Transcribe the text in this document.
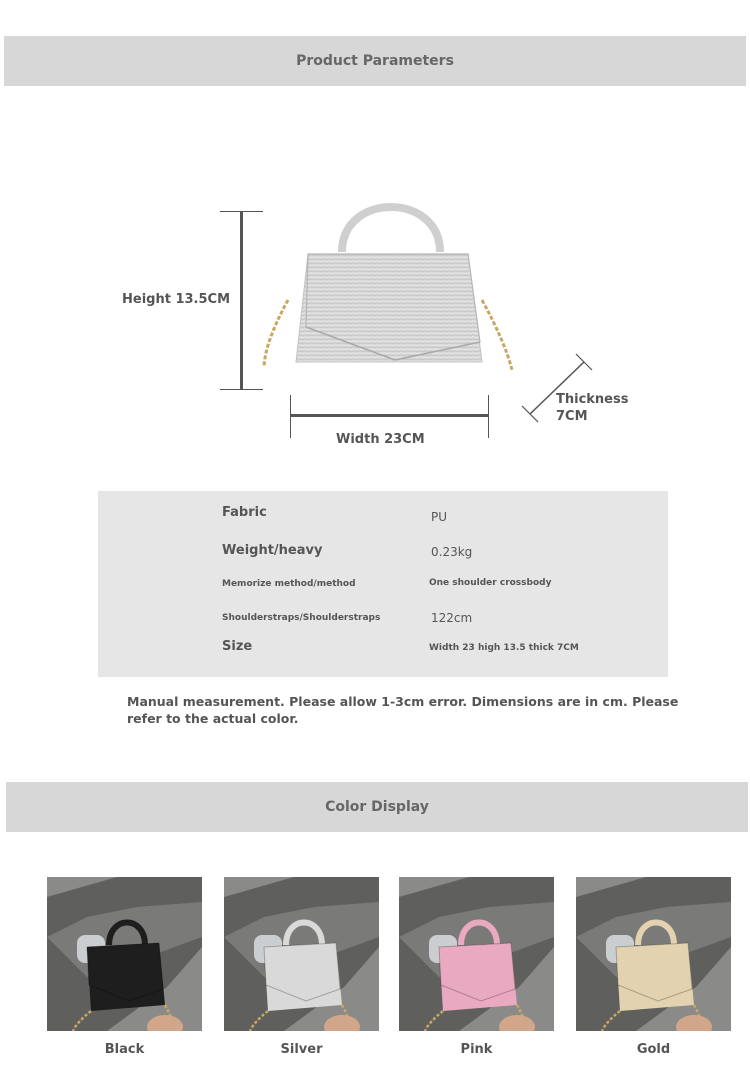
Product Parameters
Height 13.5CM
Width 23CM
Thickness
7CM
Fabric	PU
Weight/heavy	0.23kg
Memorize method/method	One shoulder crossbody
Shoulderstraps/Shoulderstraps	122cm
Size	Width 23 high 13.5 thick 7CM
Manual measurement. Please allow 1-3cm error. Dimensions are in cm. Please refer to the actual color.
Color Display
Black	Silver	Pink	Gold
